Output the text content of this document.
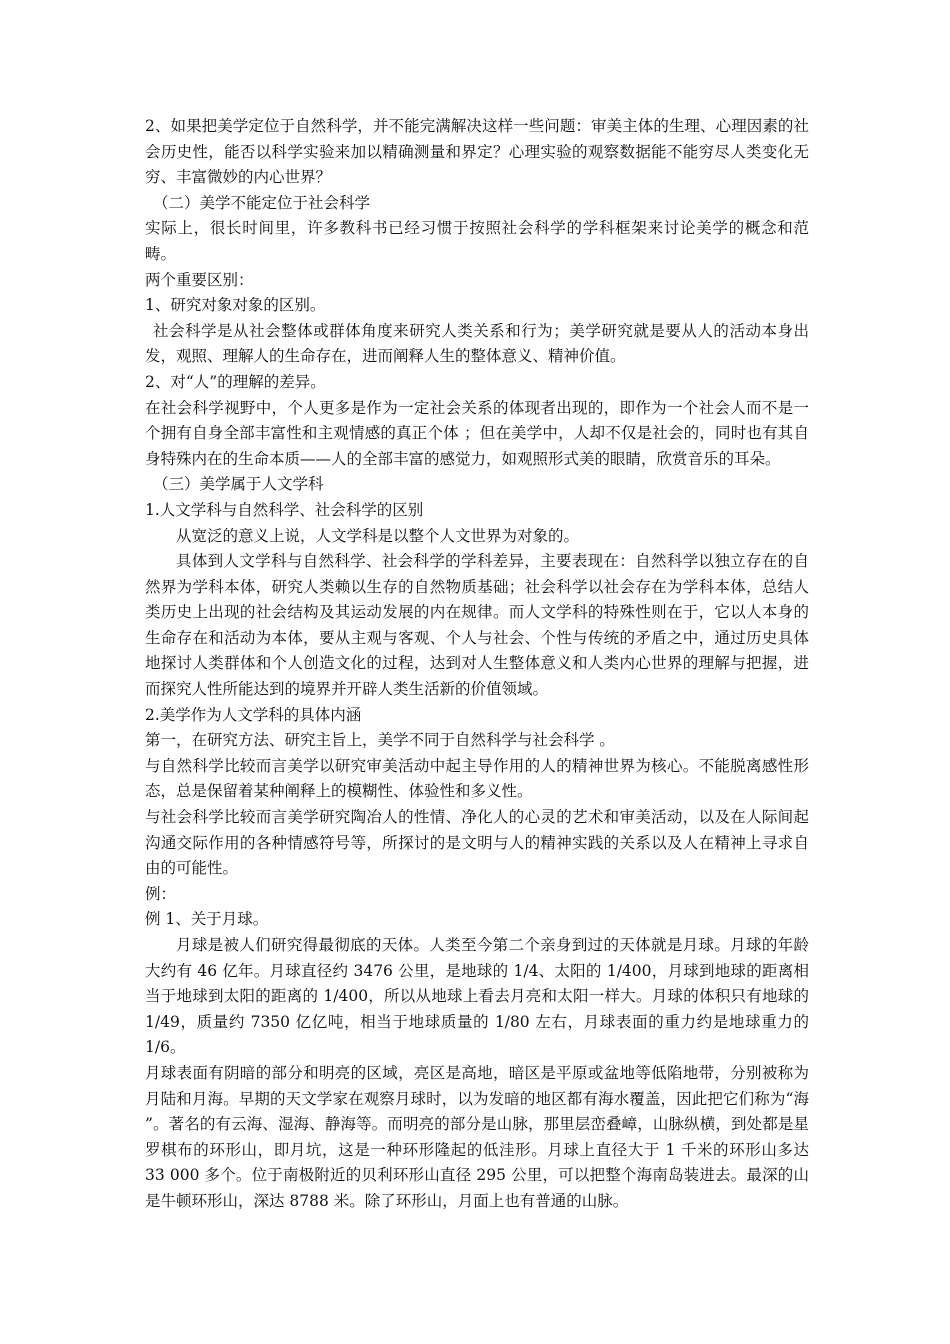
2、如果把美学定位于自然科学，并不能完满解决这样一些问题：审美主体的生理、心理因素的社会历史性，能否以科学实验来加以精确测量和界定？心理实验的观察数据能不能穷尽人类变化无穷、丰富微妙的内心世界？

（二）美学不能定位于社会科学

实际上，很长时间里，许多教科书已经习惯于按照社会科学的学科框架来讨论美学的概念和范畴。

两个重要区别：

1、研究对象对象的区别。

社会科学是从社会整体或群体角度来研究人类关系和行为；美学研究就是要从人的活动本身出发，观照、理解人的生命存在，进而阐释人生的整体意义、精神价值。

2、对“人”的理解的差异。

在社会科学视野中，个人更多是作为一定社会关系的体现者出现的，即作为一个社会人而不是一个拥有自身全部丰富性和主观情感的真正个体 ；但在美学中，人却不仅是社会的，同时也有其自身特殊内在的生命本质——人的全部丰富的感觉力，如观照形式美的眼睛，欣赏音乐的耳朵。

（三）美学属于人文学科

1.人文学科与自然科学、社会科学的区别

从宽泛的意义上说，人文学科是以整个人文世界为对象的。

具体到人文学科与自然科学、社会科学的学科差异，主要表现在：自然科学以独立存在的自然界为学科本体，研究人类赖以生存的自然物质基础；社会科学以社会存在为学科本体，总结人类历史上出现的社会结构及其运动发展的内在规律。而人文学科的特殊性则在于，它以人本身的生命存在和活动为本体，要从主观与客观、个人与社会、个性与传统的矛盾之中，通过历史具体地探讨人类群体和个人创造文化的过程，达到对人生整体意义和人类内心世界的理解与把握，进而探究人性所能达到的境界并开辟人类生活新的价值领域。

2.美学作为人文学科的具体内涵

第一，在研究方法、研究主旨上，美学不同于自然科学与社会科学 。

与自然科学比较而言美学以研究审美活动中起主导作用的人的精神世界为核心。不能脱离感性形态，总是保留着某种阐释上的模糊性、体验性和多义性。

与社会科学比较而言美学研究陶冶人的性情、净化人的心灵的艺术和审美活动，以及在人际间起沟通交际作用的各种情感符号等，所探讨的是文明与人的精神实践的关系以及人在精神上寻求自由的可能性。

例：

例 1、关于月球。

月球是被人们研究得最彻底的天体。人类至今第二个亲身到过的天体就是月球。月球的年龄大约有 46 亿年。月球直径约 3476 公里，是地球的 1/4、太阳的 1/400，月球到地球的距离相当于地球到太阳的距离的 1/400，所以从地球上看去月亮和太阳一样大。月球的体积只有地球的 1/49，质量约 7350 亿亿吨，相当于地球质量的 1/80 左右，月球表面的重力约是地球重力的 1/6。

月球表面有阴暗的部分和明亮的区域，亮区是高地，暗区是平原或盆地等低陷地带，分别被称为月陆和月海。早期的天文学家在观察月球时，以为发暗的地区都有海水覆盖，因此把它们称为“海 ”。著名的有云海、湿海、静海等。而明亮的部分是山脉，那里层峦叠嶂，山脉纵横，到处都是星罗棋布的环形山，即月坑，这是一种环形隆起的低洼形。月球上直径大于 1 千米的环形山多达 33 000 多个。位于南极附近的贝利环形山直径 295 公里，可以把整个海南岛装进去。最深的山是牛顿环形山，深达 8788 米。除了环形山，月面上也有普通的山脉。
